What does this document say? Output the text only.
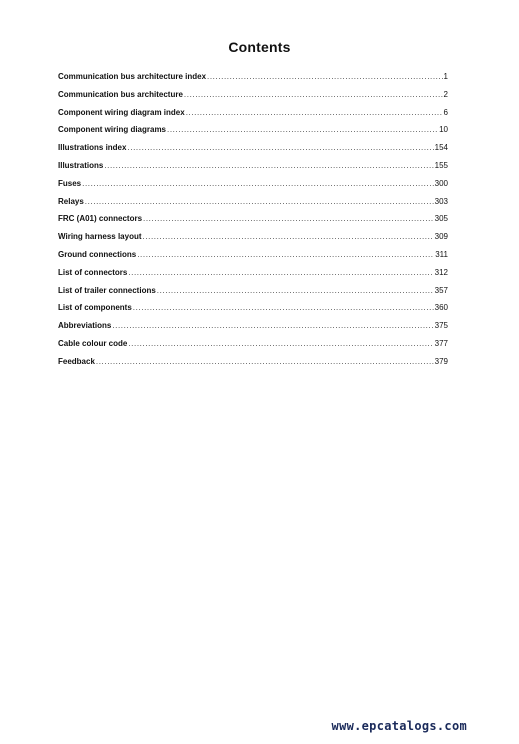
Contents
Communication bus architecture index .....	1
Communication bus architecture .....	2
Component wiring diagram index .....	6
Component wiring diagrams .....	10
Illustrations index .....	154
Illustrations .....	155
Fuses .....	300
Relays .....	303
FRC (A01) connectors .....	305
Wiring harness layout .....	309
Ground connections .....	311
List of connectors .....	312
List of trailer connections .....	357
List of components .....	360
Abbreviations .....	375
Cable colour code .....	377
Feedback .....	379
www.epcatalogs.com
